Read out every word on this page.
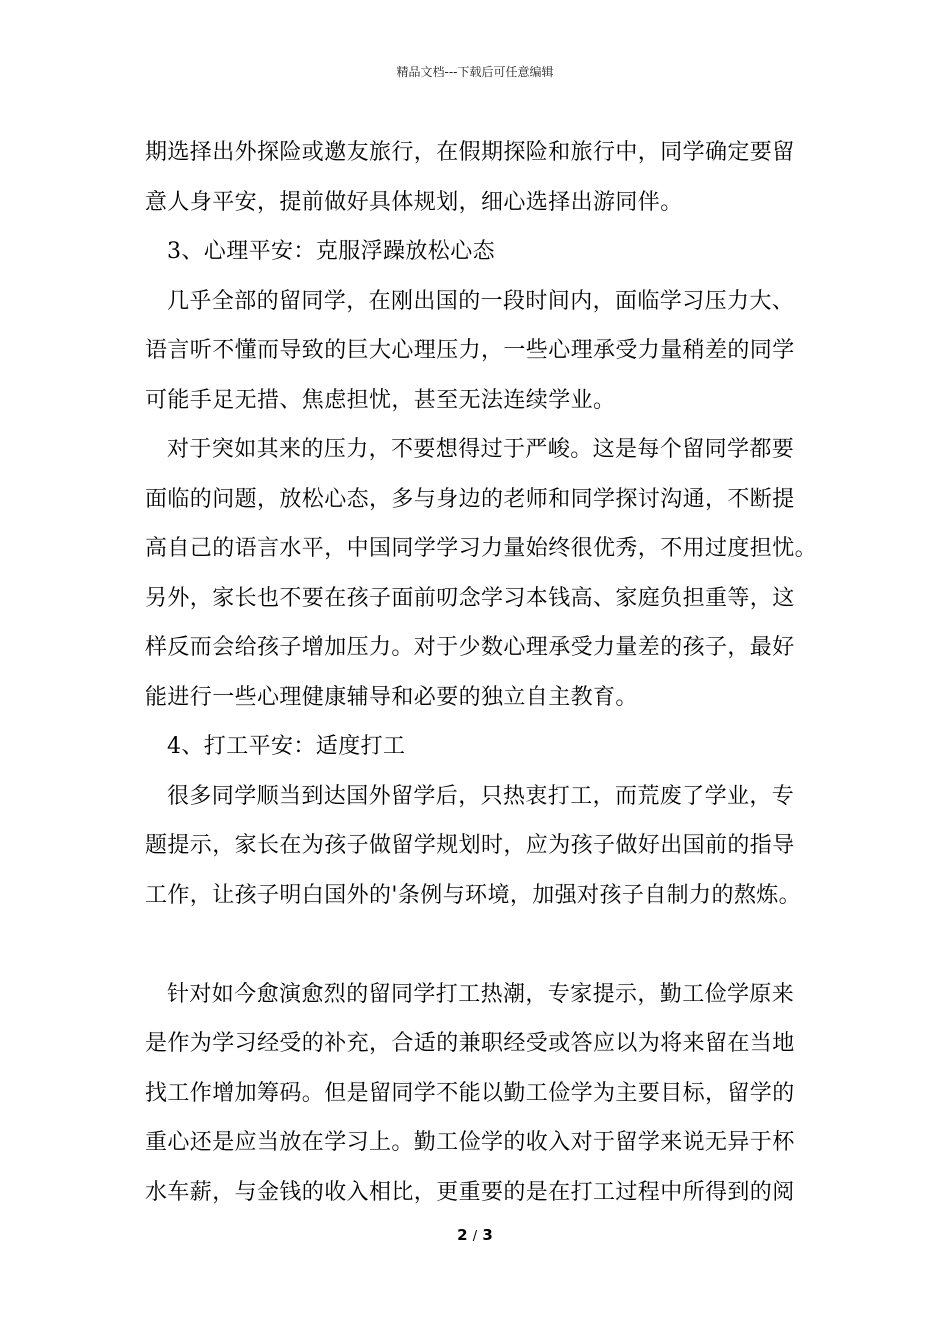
精品文档---下载后可任意编辑
期选择出外探险或邀友旅行，在假期探险和旅行中，同学确定要留
意人身平安，提前做好具体规划，细心选择出游同伴。
3、心理平安：克服浮躁放松心态
几乎全部的留同学，在刚出国的一段时间内，面临学习压力大、
语言听不懂而导致的巨大心理压力，一些心理承受力量稍差的同学
可能手足无措、焦虑担忧，甚至无法连续学业。
对于突如其来的压力，不要想得过于严峻。这是每个留同学都要
面临的问题，放松心态，多与身边的老师和同学探讨沟通，不断提
高自己的语言水平，中国同学学习力量始终很优秀，不用过度担忧。
另外，家长也不要在孩子面前叨念学习本钱高、家庭负担重等，这
样反而会给孩子增加压力。对于少数心理承受力量差的孩子，最好
能进行一些心理健康辅导和必要的独立自主教育。
4、打工平安：适度打工
很多同学顺当到达国外留学后，只热衷打工，而荒废了学业，专
题提示，家长在为孩子做留学规划时，应为孩子做好出国前的指导
工作，让孩子明白国外的'条例与环境，加强对孩子自制力的熬炼。
针对如今愈演愈烈的留同学打工热潮，专家提示，勤工俭学原来
是作为学习经受的补充，合适的兼职经受或答应以为将来留在当地
找工作增加筹码。但是留同学不能以勤工俭学为主要目标，留学的
重心还是应当放在学习上。勤工俭学的收入对于留学来说无异于杯
水车薪，与金钱的收入相比，更重要的是在打工过程中所得到的阅
2 / 3
